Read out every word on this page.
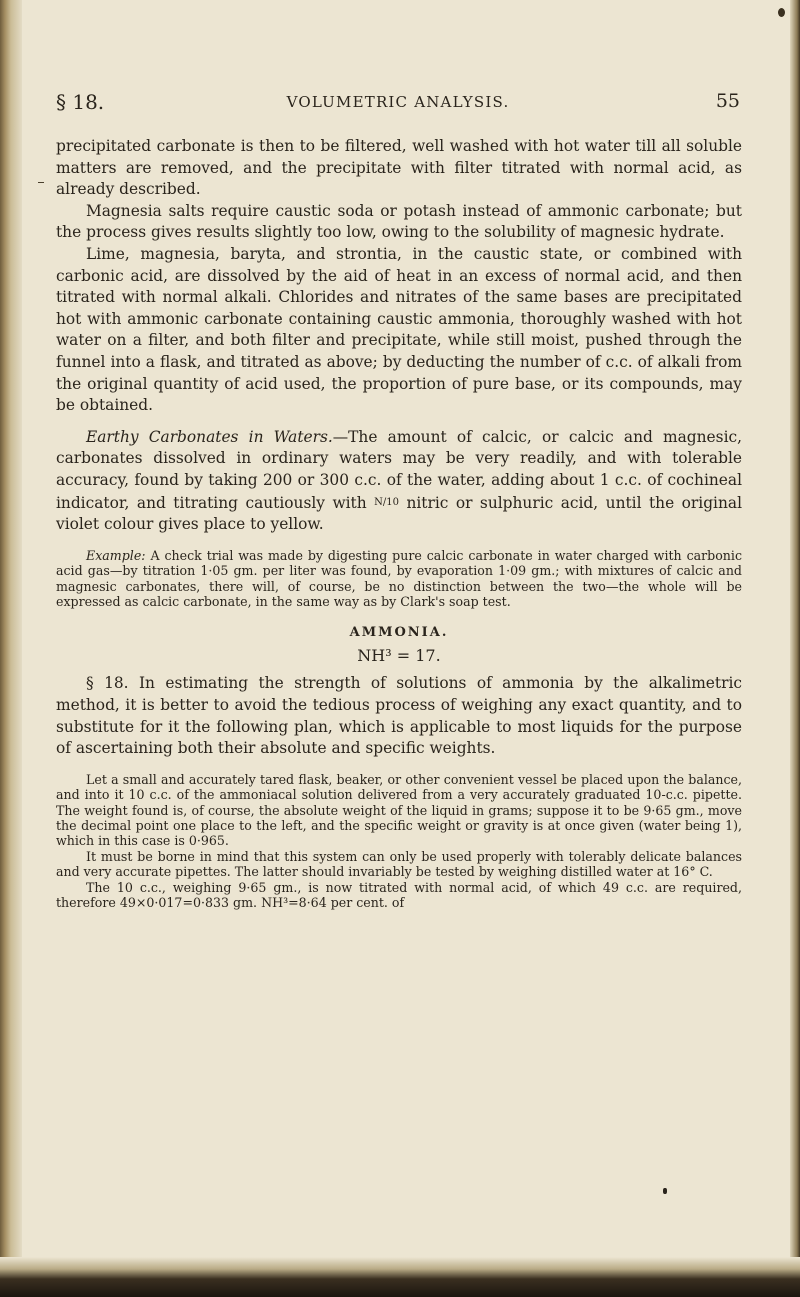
§ 18.	VOLUMETRIC ANALYSIS.	55

precipitated carbonate is then to be filtered, well washed with hot water till all soluble matters are removed, and the precipitate with filter titrated with normal acid, as already described.

Magnesia salts require caustic soda or potash instead of ammonic carbonate; but the process gives results slightly too low, owing to the solubility of magnesic hydrate.

Lime, magnesia, baryta, and strontia, in the caustic state, or combined with carbonic acid, are dissolved by the aid of heat in an excess of normal acid, and then titrated with normal alkali. Chlorides and nitrates of the same bases are precipitated hot with ammonic carbonate containing caustic ammonia, thoroughly washed with hot water on a filter, and both filter and precipitate, while still moist, pushed through the funnel into a flask, and titrated as above; by deducting the number of c.c. of alkali from the original quantity of acid used, the proportion of pure base, or its compounds, may be obtained.

Earthy Carbonates in Waters.—The amount of calcic, or calcic and magnesic, carbonates dissolved in ordinary waters may be very readily, and with tolerable accuracy, found by taking 200 or 300 c.c. of the water, adding about 1 c.c. of cochineal indicator, and titrating cautiously with N/10 nitric or sulphuric acid, until the original violet colour gives place to yellow.

Example: A check trial was made by digesting pure calcic carbonate in water charged with carbonic acid gas—by titration 1·05 gm. per liter was found, by evaporation 1·09 gm.; with mixtures of calcic and magnesic carbonates, there will, of course, be no distinction between the two—the whole will be expressed as calcic carbonate, in the same way as by Clark's soap test.

AMMONIA.
NH³ = 17.

§ 18. In estimating the strength of solutions of ammonia by the alkalimetric method, it is better to avoid the tedious process of weighing any exact quantity, and to substitute for it the following plan, which is applicable to most liquids for the purpose of ascertaining both their absolute and specific weights.

Let a small and accurately tared flask, beaker, or other convenient vessel be placed upon the balance, and into it 10 c.c. of the ammoniacal solution delivered from a very accurately graduated 10-c.c. pipette. The weight found is, of course, the absolute weight of the liquid in grams; suppose it to be 9·65 gm., move the decimal point one place to the left, and the specific weight or gravity is at once given (water being 1), which in this case is 0·965.

It must be borne in mind that this system can only be used properly with tolerably delicate balances and very accurate pipettes. The latter should invariably be tested by weighing distilled water at 16° C.

The 10 c.c., weighing 9·65 gm., is now titrated with normal acid, of which 49 c.c. are required, therefore 49×0·017=0·833 gm. NH³=8·64 per cent. of
